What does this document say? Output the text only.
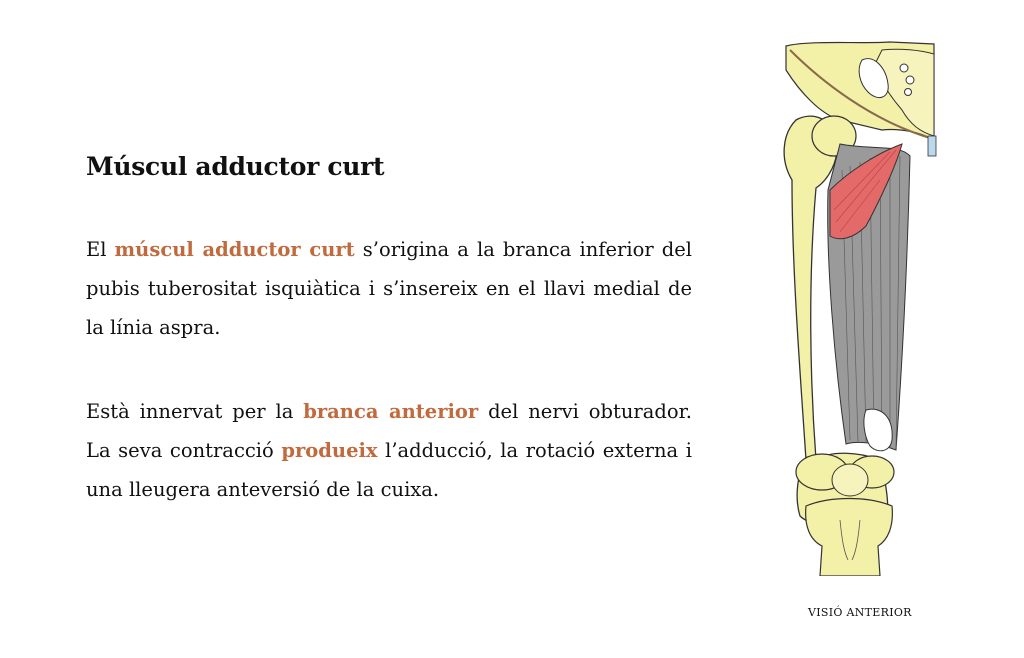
Múscul adductor curt

El múscul adductor curt s’origina a la branca inferior del pubis tuberositat isquiàtica i s’insereix en el llavi medial de la línia aspra.

Està innervat per la branca anterior del nervi obturador. La seva contracció produeix l’adducció, la rotació externa i una lleugera anteversió de la cuixa.

VISIÓ ANTERIOR
